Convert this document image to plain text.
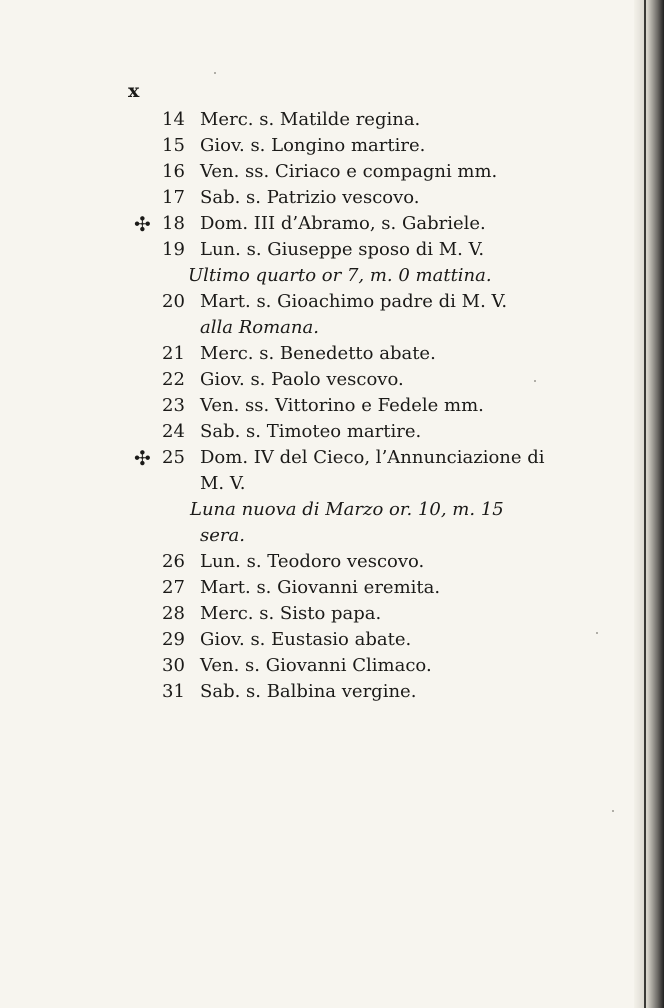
x
14 Merc. s. Matilde regina.
15 Giov. s. Longino martire.
16 Ven. ss. Ciriaco e compagni mm.
17 Sab. s. Patrizio vescovo.
✣ 18 Dom. III d’Abramo, s. Gabriele.
19 Lun. s. Giuseppe sposo di M. V.
Ultimo quarto or 7, m. 0 mattina.
20 Mart. s. Gioachimo padre di M. V.
alla Romana.
21 Merc. s. Benedetto abate.
22 Giov. s. Paolo vescovo.
23 Ven. ss. Vittorino e Fedele mm.
24 Sab. s. Timoteo martire.
✣ 25 Dom. IV del Cieco, l’Annunciazione di
M. V.
Luna nuova di Marzo or. 10, m. 15
sera.
26 Lun. s. Teodoro vescovo.
27 Mart. s. Giovanni eremita.
28 Merc. s. Sisto papa.
29 Giov. s. Eustasio abate.
30 Ven. s. Giovanni Climaco.
31 Sab. s. Balbina vergine.
